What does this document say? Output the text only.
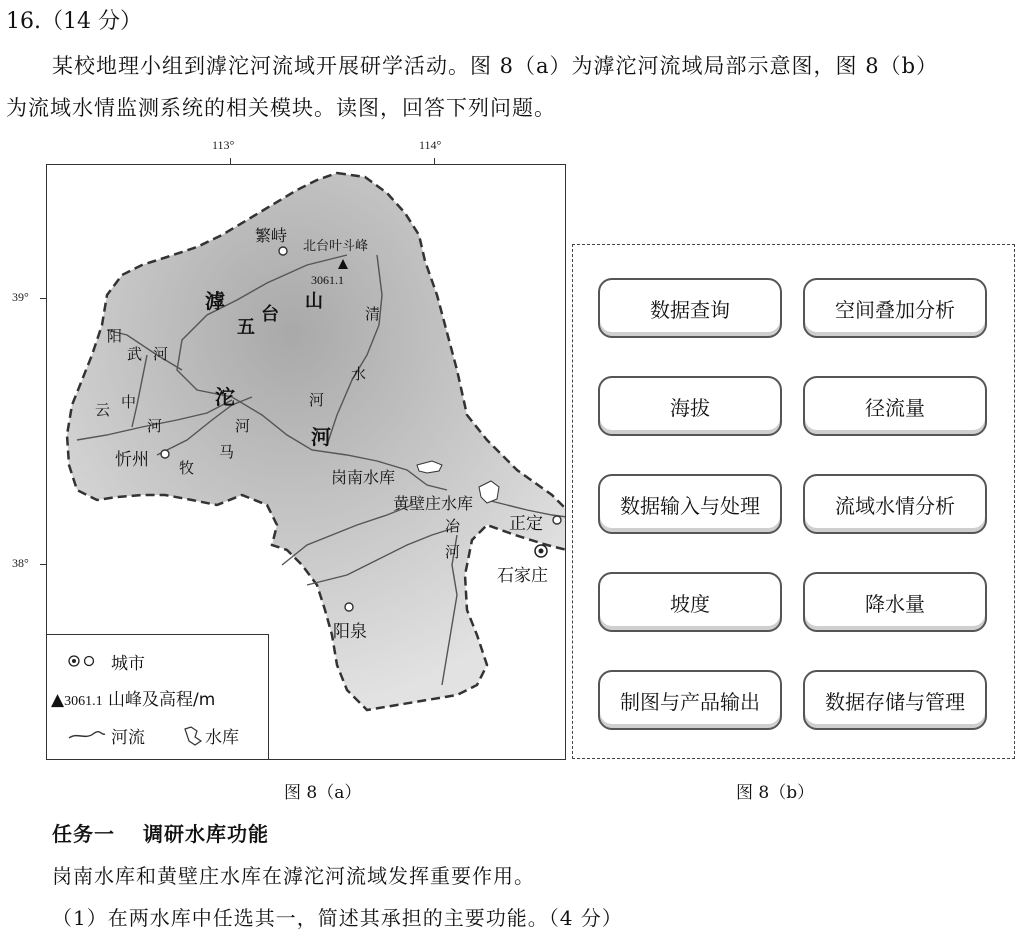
16.（14 分）
某校地理小组到滹沱河流域开展研学活动。图 8（a）为滹沱河流域局部示意图，图 8（b）
为流域水情监测系统的相关模块。读图，回答下列问题。
113°	114°
39°
38°
繁峙
北台叶斗峰
3061.1
五
台
山
滹
沱
河
阳
武 河
云 中
河
牧
马
河
清
水
河
冶
河
岗南水库
黄壁庄水库
忻州
正定
石家庄
阳泉
城市
▲3061.1 山峰及高程/m
河流	水库
数据查询	空间叠加分析
海拔	径流量
数据输入与处理	流域水情分析
坡度	降水量
制图与产品输出	数据存储与管理
图 8（a）	图 8（b）
任务一 调研水库功能
岗南水库和黄壁庄水库在滹沱河流域发挥重要作用。
（1）在两水库中任选其一，简述其承担的主要功能。（4 分）
